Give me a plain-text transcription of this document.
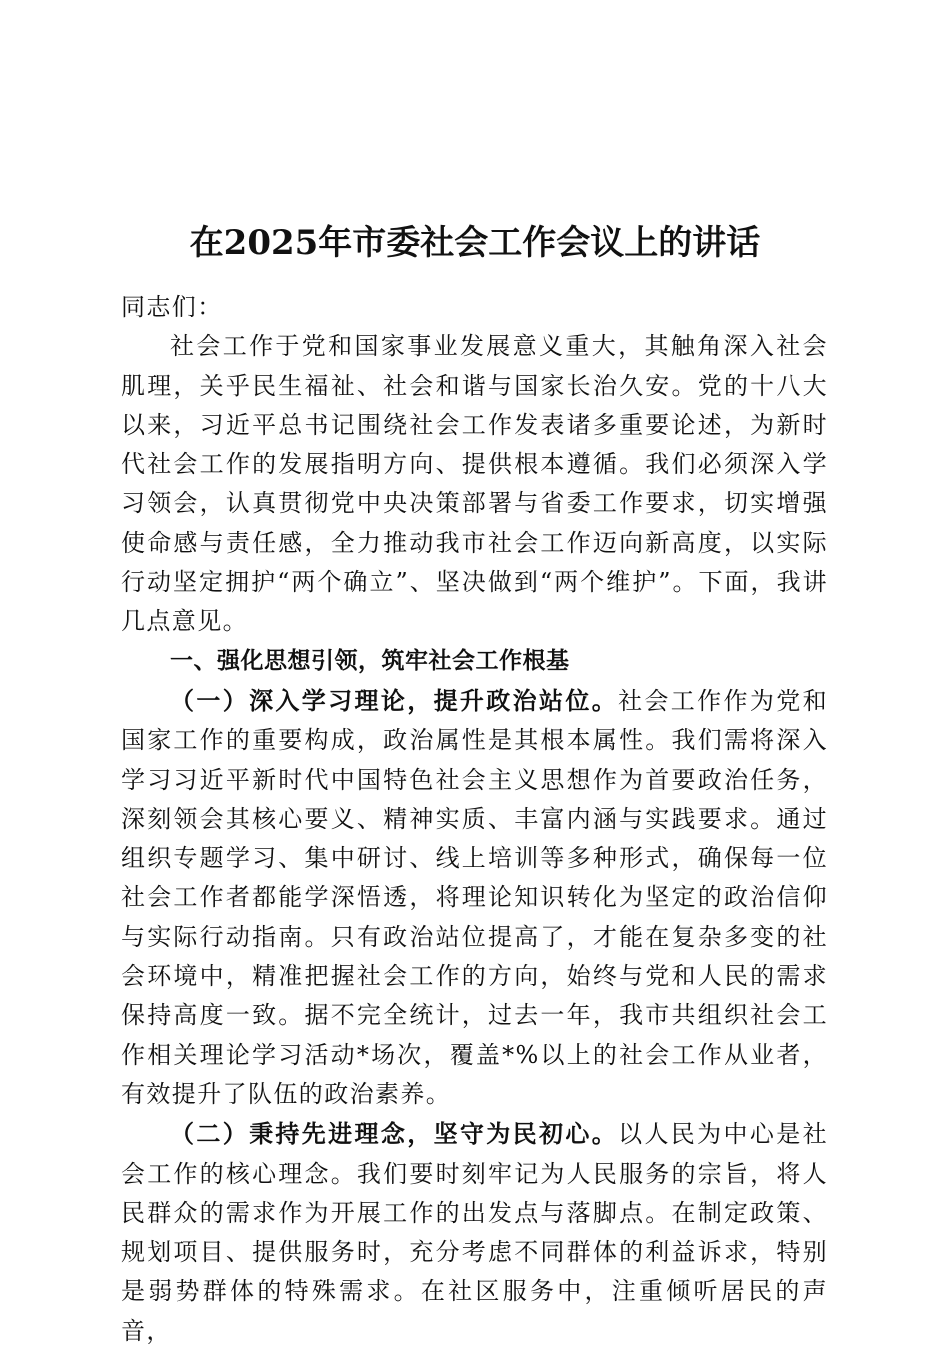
在2025年市委社会工作会议上的讲话

同志们：

社会工作于党和国家事业发展意义重大，其触角深入社会肌理，关乎民生福祉、社会和谐与国家长治久安。党的十八大以来，习近平总书记围绕社会工作发表诸多重要论述，为新时代社会工作的发展指明方向、提供根本遵循。我们必须深入学习领会，认真贯彻党中央决策部署与省委工作要求，切实增强使命感与责任感，全力推动我市社会工作迈向新高度，以实际行动坚定拥护“两个确立”、坚决做到“两个维护”。下面，我讲几点意见。

一、强化思想引领，筑牢社会工作根基

（一）深入学习理论，提升政治站位。社会工作作为党和国家工作的重要构成，政治属性是其根本属性。我们需将深入学习习近平新时代中国特色社会主义思想作为首要政治任务，深刻领会其核心要义、精神实质、丰富内涵与实践要求。通过组织专题学习、集中研讨、线上培训等多种形式，确保每一位社会工作者都能学深悟透，将理论知识转化为坚定的政治信仰与实际行动指南。只有政治站位提高了，才能在复杂多变的社会环境中，精准把握社会工作的方向，始终与党和人民的需求保持高度一致。据不完全统计，过去一年，我市共组织社会工作相关理论学习活动*场次，覆盖*%以上的社会工作从业者，有效提升了队伍的政治素养。

（二）秉持先进理念，坚守为民初心。以人民为中心是社会工作的核心理念。我们要时刻牢记为人民服务的宗旨，将人民群众的需求作为开展工作的出发点与落脚点。在制定政策、规划项目、提供服务时，充分考虑不同群体的利益诉求，特别是弱势群体的特殊需求。在社区服务中，注重倾听居民的声音，
